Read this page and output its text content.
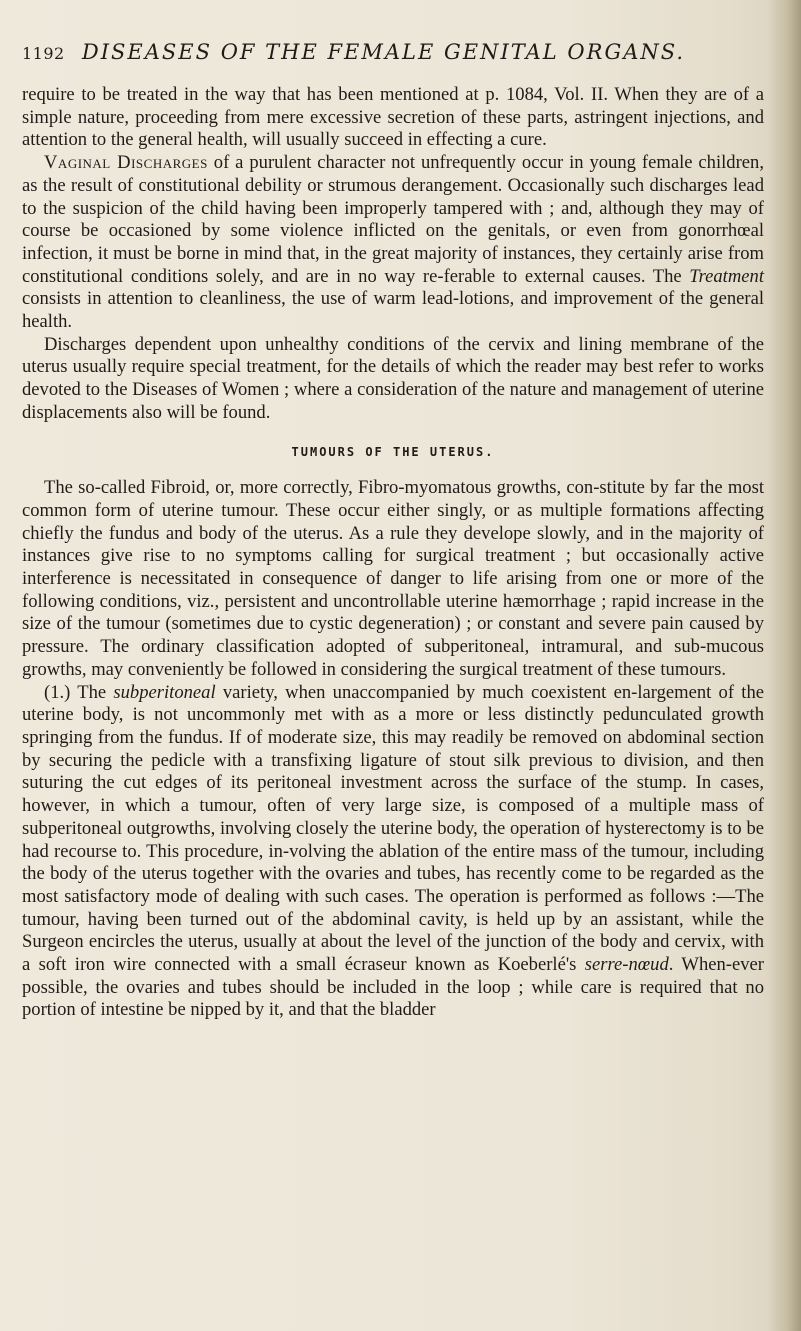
1192 DISEASES OF THE FEMALE GENITAL ORGANS.

require to be treated in the way that has been mentioned at p. 1084, Vol. II. When they are of a simple nature, proceeding from mere excessive secretion of these parts, astringent injections, and attention to the general health, will usually succeed in effecting a cure.

Vaginal Discharges of a purulent character not unfrequently occur in young female children, as the result of constitutional debility or strumous derangement. Occasionally such discharges lead to the suspicion of the child having been improperly tampered with ; and, although they may of course be occasioned by some violence inflicted on the genitals, or even from gonorrhœal infection, it must be borne in mind that, in the great majority of instances, they certainly arise from constitutional conditions solely, and are in no way re-ferable to external causes. The Treatment consists in attention to cleanliness, the use of warm lead-lotions, and improvement of the general health.

Discharges dependent upon unhealthy conditions of the cervix and lining membrane of the uterus usually require special treatment, for the details of which the reader may best refer to works devoted to the Diseases of Women ; where a consideration of the nature and management of uterine displacements also will be found.

TUMOURS OF THE UTERUS.

The so-called Fibroid, or, more correctly, Fibro-myomatous growths, con-stitute by far the most common form of uterine tumour. These occur either singly, or as multiple formations affecting chiefly the fundus and body of the uterus. As a rule they develope slowly, and in the majority of instances give rise to no symptoms calling for surgical treatment ; but occasionally active interference is necessitated in consequence of danger to life arising from one or more of the following conditions, viz., persistent and uncontrollable uterine hæmorrhage ; rapid increase in the size of the tumour (sometimes due to cystic degeneration) ; or constant and severe pain caused by pressure. The ordinary classification adopted of subperitoneal, intramural, and sub-mucous growths, may conveniently be followed in considering the surgical treatment of these tumours.

(1.) The subperitoneal variety, when unaccompanied by much coexistent en-largement of the uterine body, is not uncommonly met with as a more or less distinctly pedunculated growth springing from the fundus. If of moderate size, this may readily be removed on abdominal section by securing the pedicle with a transfixing ligature of stout silk previous to division, and then suturing the cut edges of its peritoneal investment across the surface of the stump. In cases, however, in which a tumour, often of very large size, is composed of a multiple mass of subperitoneal outgrowths, involving closely the uterine body, the operation of hysterectomy is to be had recourse to. This procedure, in-volving the ablation of the entire mass of the tumour, including the body of the uterus together with the ovaries and tubes, has recently come to be regarded as the most satisfactory mode of dealing with such cases. The operation is performed as follows :—The tumour, having been turned out of the abdominal cavity, is held up by an assistant, while the Surgeon encircles the uterus, usually at about the level of the junction of the body and cervix, with a soft iron wire connected with a small écraseur known as Koeberlé's serre-nœud. When-ever possible, the ovaries and tubes should be included in the loop ; while care is required that no portion of intestine be nipped by it, and that the bladder
